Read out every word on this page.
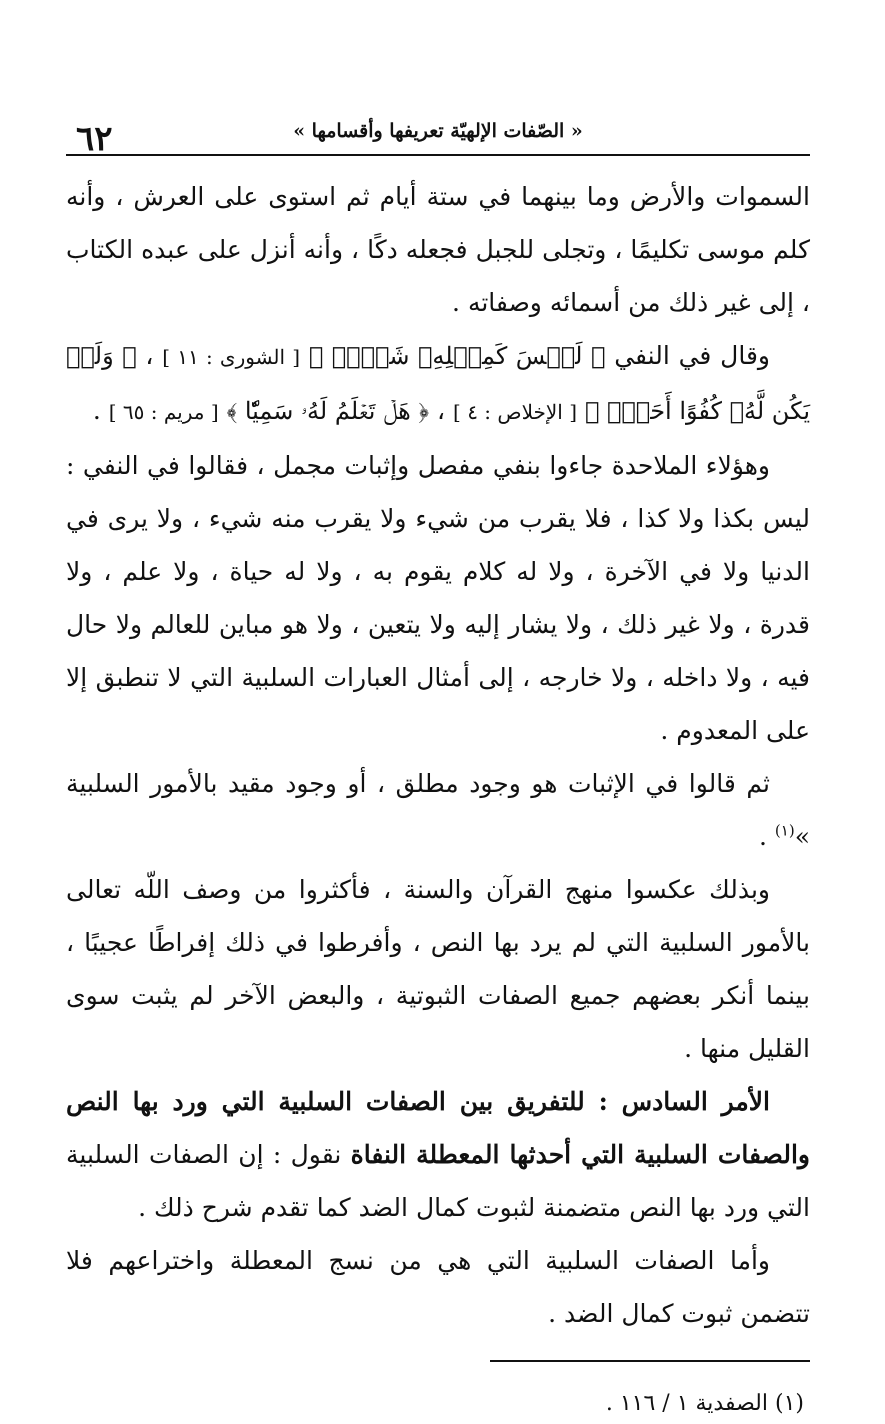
« الصّفات الإلهيّة تعريفها وأقسامها »
٦٢

السموات والأرض وما بينهما في ستة أيام ثم استوى على العرش ، وأنه كلم موسى تكليمًا ، وتجلى للجبل فجعله دكًا ، وأنه أنزل على عبده الكتاب ، إلى غير ذلك من أسمائه وصفاته .

وقال في النفي ﴿ لَيۡسَ كَمِثۡلِهِۦ شَيۡءٞ ﴾ [ الشورى : ١١ ] ، ﴿ وَلَمۡ يَكُن لَّهُۥ كُفُوًا أَحَدُۢ ﴾ [ الإخلاص : ٤ ] ، ﴿ هَلۡ تَعۡلَمُ لَهُۥ سَمِيّٗا ﴾ [ مريم : ٦٥ ] .

وهؤلاء الملاحدة جاءوا بنفي مفصل وإثبات مجمل ، فقالوا في النفي : ليس بكذا ولا كذا ، فلا يقرب من شيء ولا يقرب منه شيء ، ولا يرى في الدنيا ولا في الآخرة ، ولا له كلام يقوم به ، ولا له حياة ، ولا علم ، ولا قدرة ، ولا غير ذلك ، ولا يشار إليه ولا يتعين ، ولا هو مباين للعالم ولا حال فيه ، ولا داخله ، ولا خارجه ، إلى أمثال العبارات السلبية التي لا تنطبق إلا على المعدوم .

ثم قالوا في الإثبات هو وجود مطلق ، أو وجود مقيد بالأمور السلبية »$^{(١)}$ .

وبذلك عكسوا منهج القرآن والسنة ، فأكثروا من وصف اللّه تعالى بالأمور السلبية التي لم يرد بها النص ، وأفرطوا في ذلك إفراطًا عجيبًا ، بينما أنكر بعضهم جميع الصفات الثبوتية ، والبعض الآخر لم يثبت سوى القليل منها .

الأمر السادس : للتفريق بين الصفات السلبية التي ورد بها النص والصفات السلبية التي أحدثها المعطلة النفاة نقول : إن الصفات السلبية التي ورد بها النص متضمنة لثبوت كمال الضد كما تقدم شرح ذلك .

وأما الصفات السلبية التي هي من نسج المعطلة واختراعهم فلا تتضمن ثبوت كمال الضد .

(١) الصفدية ١ / ١١٦ .
